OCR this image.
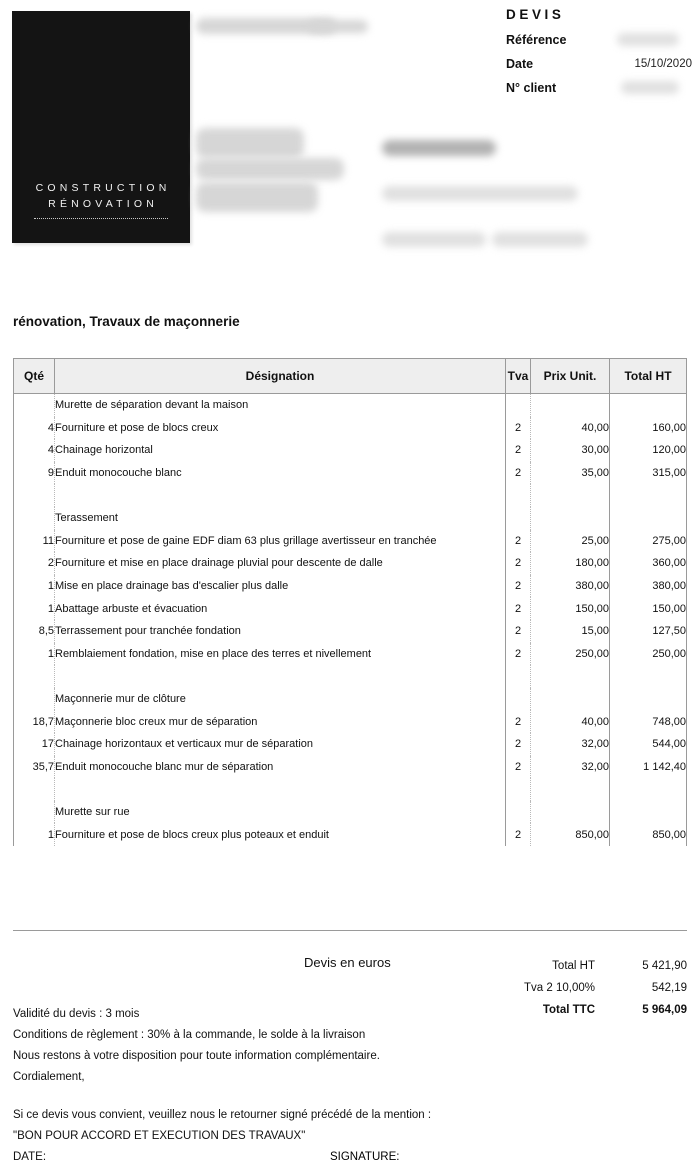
CONSTRUCTION
RÉNOVATION
DEVIS
Référence
Date	15/10/2020
N° client
rénovation, Travaux de maçonnerie
Qté	Désignation	Tva	Prix Unit.	Total HT
	Murette de séparation devant la maison			
4	Fourniture et pose de blocs creux	2	40,00	160,00
4	Chainage horizontal	2	30,00	120,00
9	Enduit monocouche blanc	2	35,00	315,00

	Terassement			
11	Fourniture et pose de gaine EDF diam 63 plus grillage avertisseur en tranchée	2	25,00	275,00
2	Fourniture et mise en place drainage pluvial pour descente de dalle	2	180,00	360,00
1	Mise en place drainage bas d'escalier plus dalle	2	380,00	380,00
1	Abattage arbuste et évacuation	2	150,00	150,00
8,5	Terrassement pour tranchée fondation	2	15,00	127,50
1	Remblaiement fondation, mise en place des terres et nivellement	2	250,00	250,00

	Maçonnerie mur de clôture			
18,7	Maçonnerie bloc creux mur de séparation	2	40,00	748,00
17	Chainage horizontaux et verticaux mur de séparation	2	32,00	544,00
35,7	Enduit monocouche blanc mur de séparation	2	32,00	1 142,40

	Murette sur rue			
1	Fourniture et pose de blocs creux plus poteaux et enduit	2	850,00	850,00
Devis en euros	Total HT	5 421,90
Tva 2 10,00%	542,19
Total TTC	5 964,09
Validité du devis : 3 mois
Conditions de règlement : 30% à la commande, le solde à la livraison
Nous restons à votre disposition pour toute information complémentaire.
Cordialement,
Si ce devis vous convient, veuillez nous le retourner signé précédé de la mention :
"BON POUR ACCORD ET EXECUTION DES TRAVAUX"
DATE:	SIGNATURE:
